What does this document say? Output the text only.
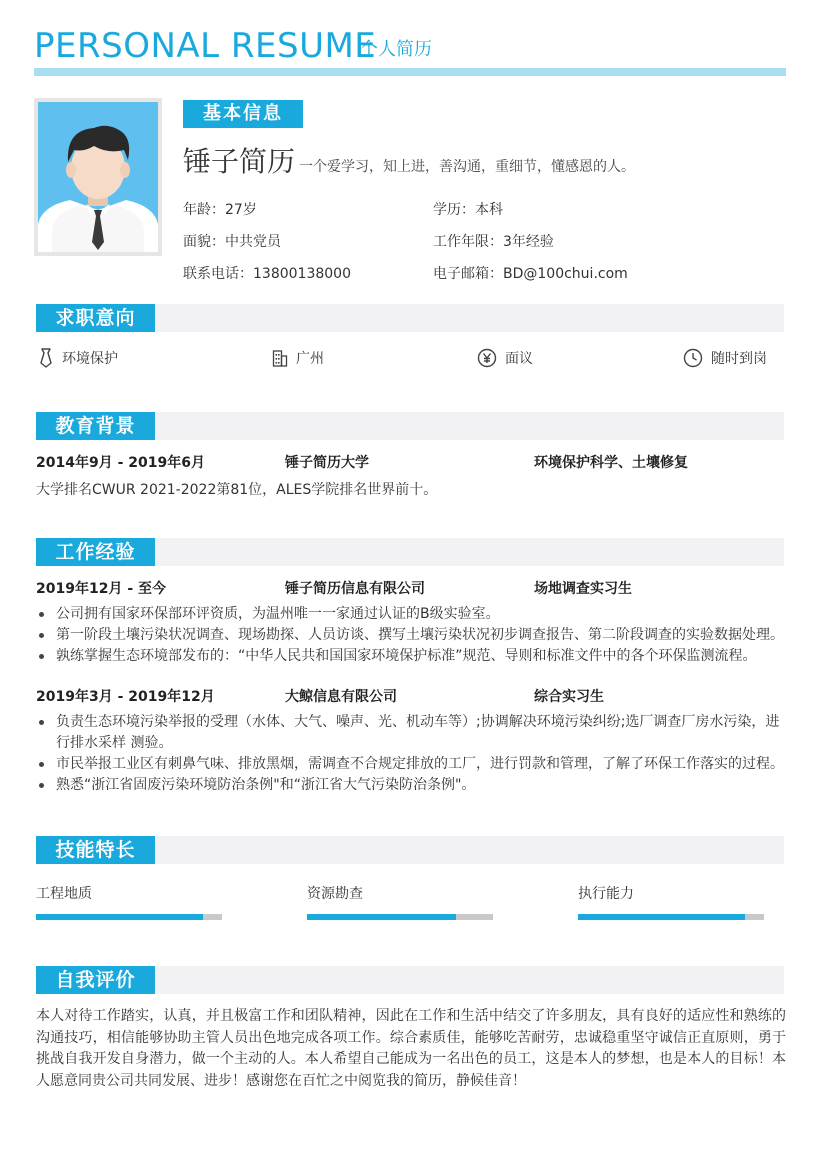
PERSONAL RESUME
个人简历
基本信息
锤子简历 一个爱学习，知上进，善沟通，重细节，懂感恩的人。
年龄：27岁	学历：本科
面貌：中共党员	工作年限：3年经验
联系电话：13800138000	电子邮箱：BD@100chui.com
求职意向
环境保护	广州	面议	随时到岗
教育背景
2014年9月 - 2019年6月	锤子简历大学	环境保护科学、土壤修复
大学排名CWUR 2021-2022第81位，ALES学院排名世界前十。
工作经验
2019年12月 - 至今	锤子简历信息有限公司	场地调查实习生
公司拥有国家环保部环评资质，为温州唯一一家通过认证的B级实验室。
第一阶段土壤污染状况调查、现场勘探、人员访谈、撰写土壤污染状况初步调查报告、第二阶段调查的实验数据处理。
孰练掌握生态环境部发布的：“中华人民共和国国家环境保护标准”规范、导则和标准文件中的各个环保监测流程。
2019年3月 - 2019年12月	大鲸信息有限公司	综合实习生
负责生态环境污染举报的受理（水体、大气、噪声、光、机动车等）;协调解决环境污染纠纷;选厂调查厂房水污染，进行排水采样 测验。
市民举报工业区有刺鼻气味、排放黑烟，需调查不合规定排放的工厂，进行罚款和管理，了解了环保工作落实的过程。
熟悉“浙江省固废污染环境防治条例"和“浙江省大气污染防治条例"。
技能特长
工程地质	资源勘查	执行能力
自我评价
本人对待工作踏实，认真，并且极富工作和团队精神，因此在工作和生活中结交了许多朋友，具有良好的适应性和熟练的沟通技巧，相信能够协助主管人员出色地完成各项工作。综合素质佳，能够吃苦耐劳，忠诚稳重坚守诚信正直原则，勇于挑战自我开发自身潜力，做一个主动的人。本人希望自己能成为一名出色的员工，这是本人的梦想，也是本人的目标！本人愿意同贵公司共同发展、进步！感谢您在百忙之中阅览我的简历，静候佳音！
